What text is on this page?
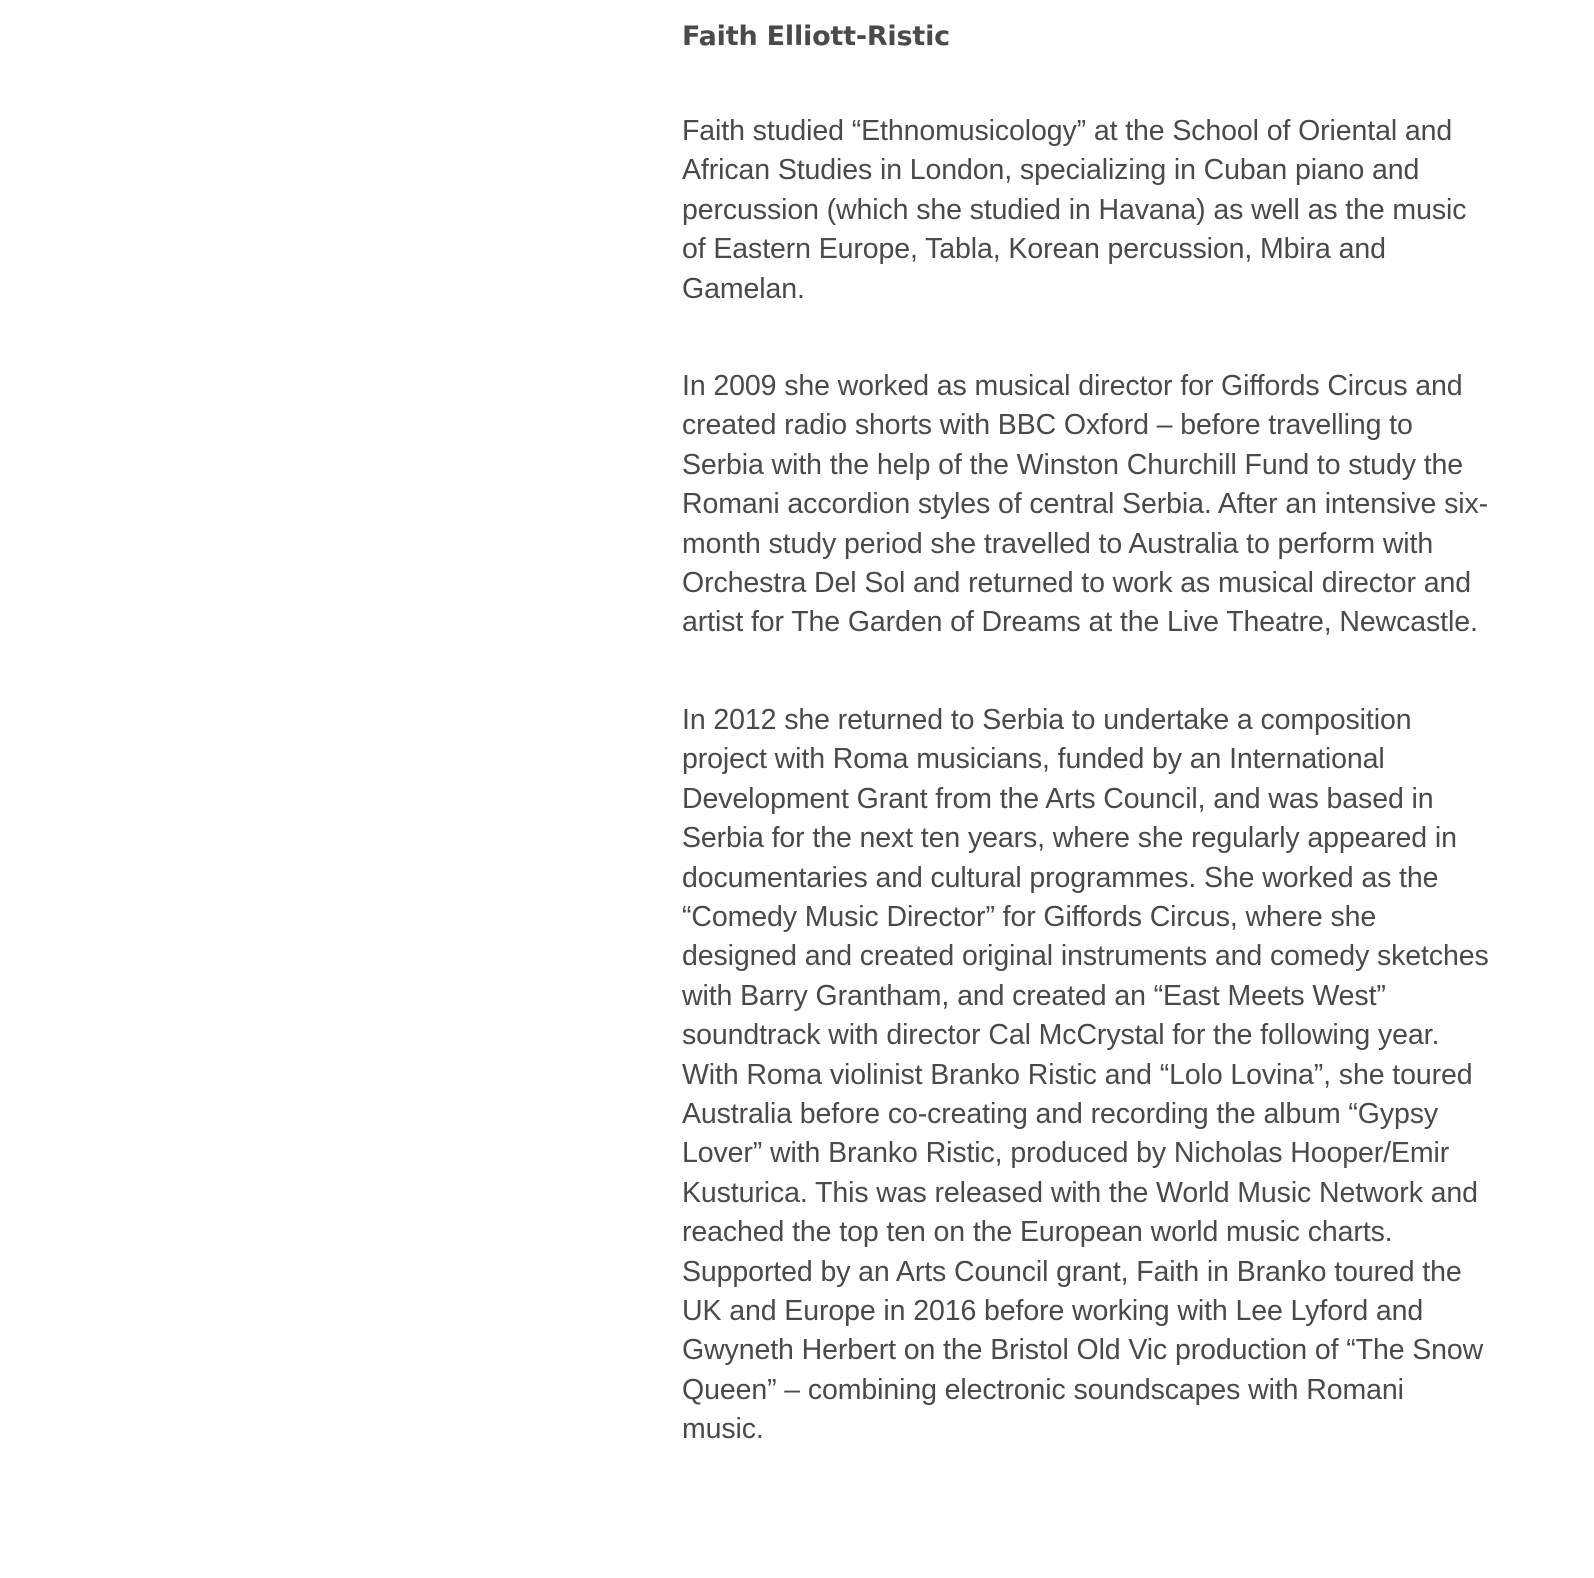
Faith Elliott-Ristic

Faith studied “Ethnomusicology” at the School of Oriental and African Studies in London, specializing in Cuban piano and percussion (which she studied in Havana) as well as the music of Eastern Europe, Tabla, Korean percussion, Mbira and Gamelan.

In 2009 she worked as musical director for Giffords Circus and created radio shorts with BBC Oxford – before travelling to Serbia with the help of the Winston Churchill Fund to study the Romani accordion styles of central Serbia. After an intensive six-month study period she travelled to Australia to perform with Orchestra Del Sol and returned to work as musical director and artist for The Garden of Dreams at the Live Theatre, Newcastle.

In 2012 she returned to Serbia to undertake a composition project with Roma musicians, funded by an International Development Grant from the Arts Council, and was based in Serbia for the next ten years, where she regularly appeared in documentaries and cultural programmes. She worked as the “Comedy Music Director” for Giffords Circus, where she designed and created original instruments and comedy sketches with Barry Grantham, and created an “East Meets West” soundtrack with director Cal McCrystal for the following year. With Roma violinist Branko Ristic and “Lolo Lovina”, she toured Australia before co-creating and recording the album “Gypsy Lover” with Branko Ristic, produced by Nicholas Hooper/Emir Kusturica. This was released with the World Music Network and reached the top ten on the European world music charts. Supported by an Arts Council grant, Faith in Branko toured the UK and Europe in 2016 before working with Lee Lyford and Gwyneth Herbert on the Bristol Old Vic production of “The Snow Queen” – combining electronic soundscapes with Romani music.
